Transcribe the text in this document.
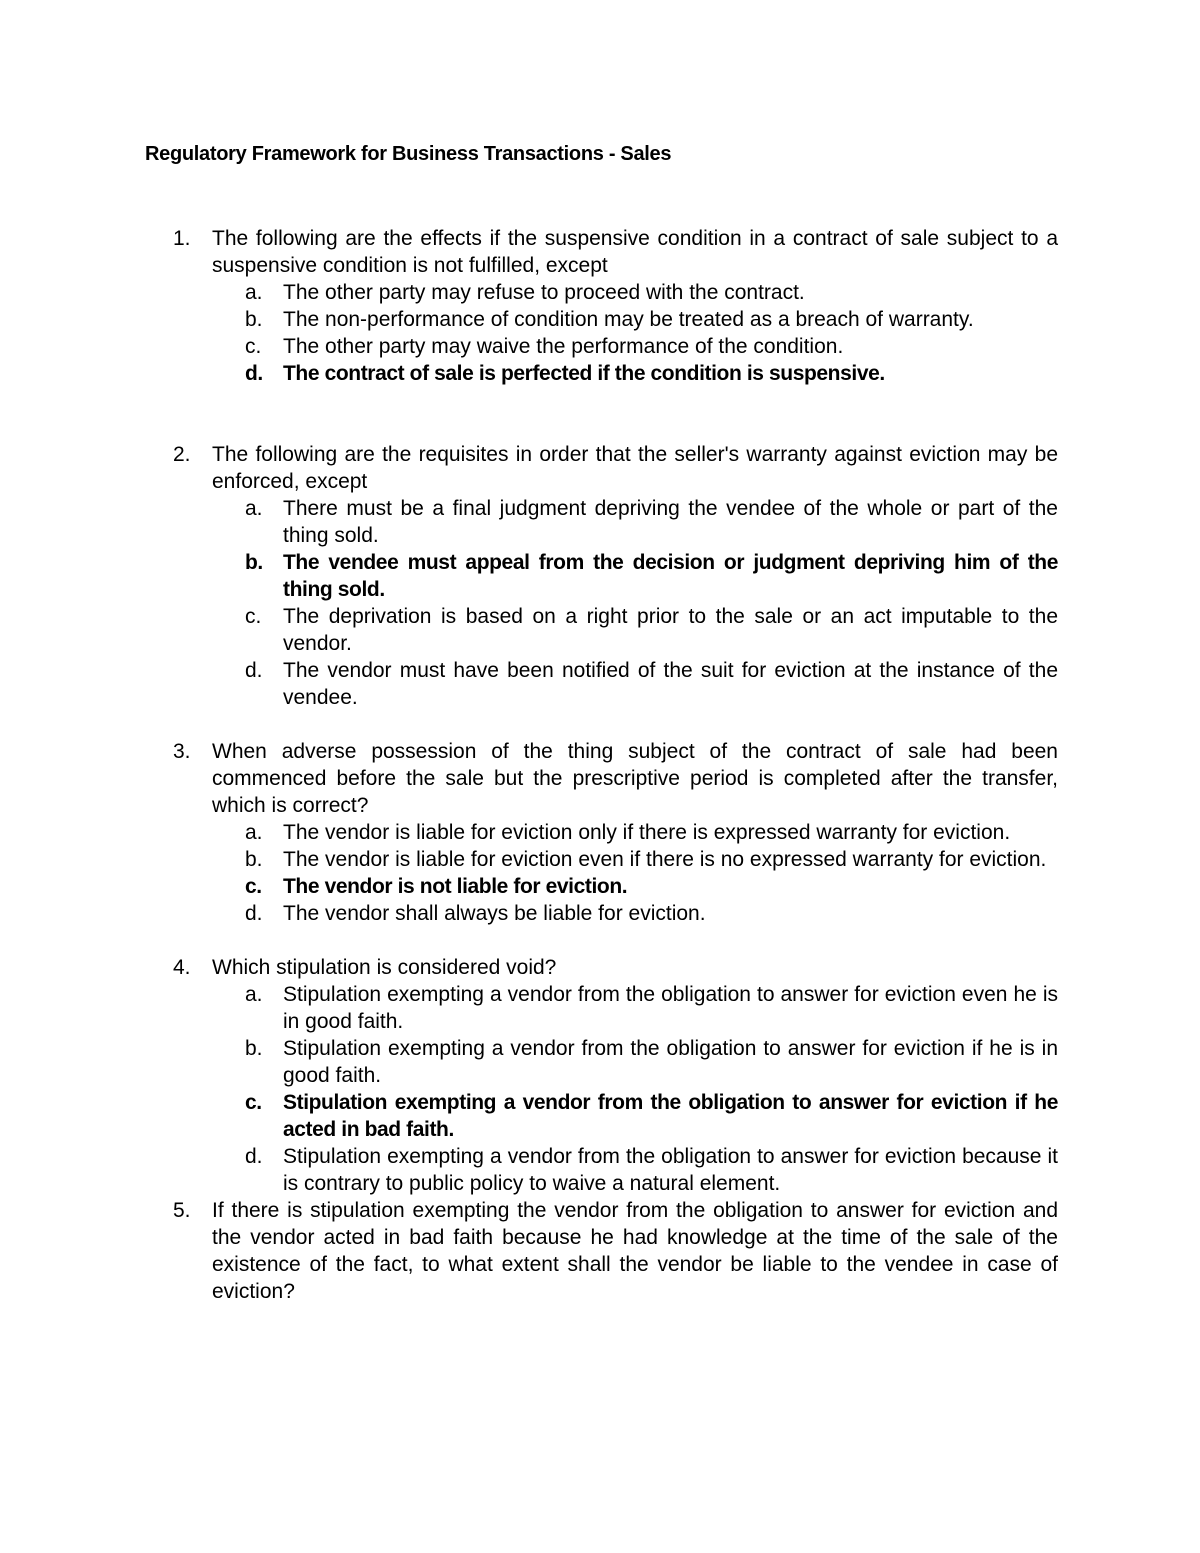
Regulatory Framework for Business Transactions - Sales
1. The following are the effects if the suspensive condition in a contract of sale subject to a suspensive condition is not fulfilled, except

a. The other party may refuse to proceed with the contract.
b. The non-performance of condition may be treated as a breach of warranty.
c. The other party may waive the performance of the condition.
d. The contract of sale is perfected if the condition is suspensive.
2. The following are the requisites in order that the seller's warranty against eviction may be enforced, except

a. There must be a final judgment depriving the vendee of the whole or part of the thing sold.
b. The vendee must appeal from the decision or judgment depriving him of the thing sold.
c. The deprivation is based on a right prior to the sale or an act imputable to the vendor.
d. The vendor must have been notified of the suit for eviction at the instance of the vendee.
3. When adverse possession of the thing subject of the contract of sale had been commenced before the sale but the prescriptive period is completed after the transfer, which is correct?

a. The vendor is liable for eviction only if there is expressed warranty for eviction.
b. The vendor is liable for eviction even if there is no expressed warranty for eviction.
c. The vendor is not liable for eviction.
d. The vendor shall always be liable for eviction.
4. Which stipulation is considered void?

a. Stipulation exempting a vendor from the obligation to answer for eviction even he is in good faith.
b. Stipulation exempting a vendor from the obligation to answer for eviction if he is in good faith.
c. Stipulation exempting a vendor from the obligation to answer for eviction if he acted in bad faith.
d. Stipulation exempting a vendor from the obligation to answer for eviction because it is contrary to public policy to waive a natural element.
5. If there is stipulation exempting the vendor from the obligation to answer for eviction and the vendor acted in bad faith because he had knowledge at the time of the sale of the existence of the fact, to what extent shall the vendor be liable to the vendee in case of eviction?
